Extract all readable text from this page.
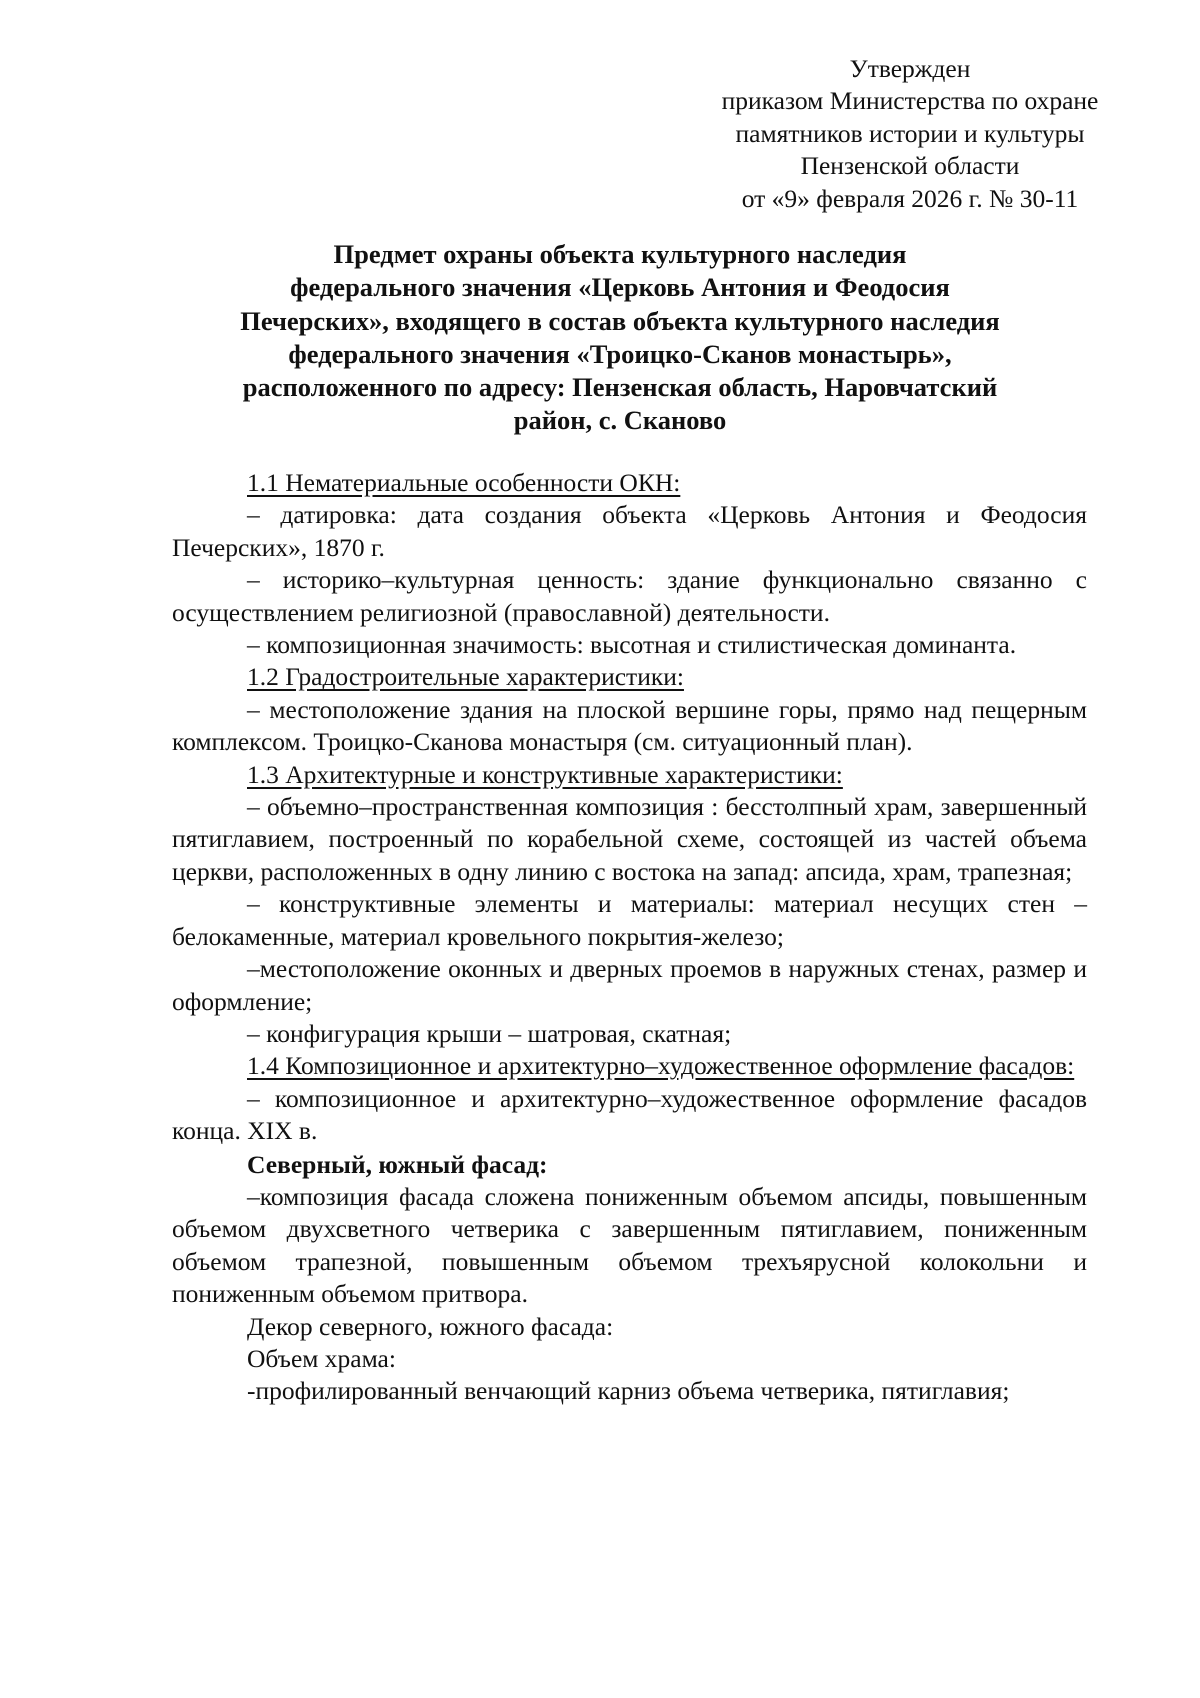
Утвержден
приказом Министерства по охране
памятников истории и культуры
Пензенской области
от «9» февраля 2026 г. № 30-11
Предмет охраны объекта культурного наследия
федерального значения «Церковь Антония и Феодосия
Печерских», входящего в состав объекта культурного наследия
федерального значения «Троицко-Сканов монастырь»,
расположенного по адресу: Пензенская область, Наровчатский
район, с. Сканово

1.1 Нематериальные особенности ОКН:

– датировка: дата создания объекта «Церковь Антония и Феодосия Печерских», 1870 г.

– историко–культурная ценность: здание функционально связанно с осуществлением религиозной (православной) деятельности.

– композиционная значимость: высотная и стилистическая доминанта.

1.2 Градостроительные характеристики:

– местоположение здания на плоской вершине горы, прямо над пещерным комплексом. Троицко-Сканова монастыря (см. ситуационный план).

1.3 Архитектурные и конструктивные характеристики:

– объемно–пространственная композиция : бесстолпный храм, завершенный пятиглавием, построенный по корабельной схеме, состоящей из частей объема церкви, расположенных в одну линию с востока на запад: апсида, храм, трапезная;

– конструктивные элементы и материалы: материал несущих стен – белокаменные, материал кровельного покрытия-железо;

–местоположение оконных и дверных проемов в наружных стенах, размер и оформление;

– конфигурация крыши – шатровая, скатная;

1.4 Композиционное и архитектурно–художественное оформление фасадов:

– композиционное и архитектурно–художественное оформление фасадов конца. XIX в.

Северный, южный фасад:

–композиция фасада сложена пониженным объемом апсиды, повышенным объемом двухсветного четверика с завершенным пятиглавием, пониженным объемом трапезной, повышенным объемом трехъярусной колокольни и пониженным объемом притвора.

Декор северного, южного фасада:

Объем храма:

-профилированный венчающий карниз объема четверика, пятиглавия;
